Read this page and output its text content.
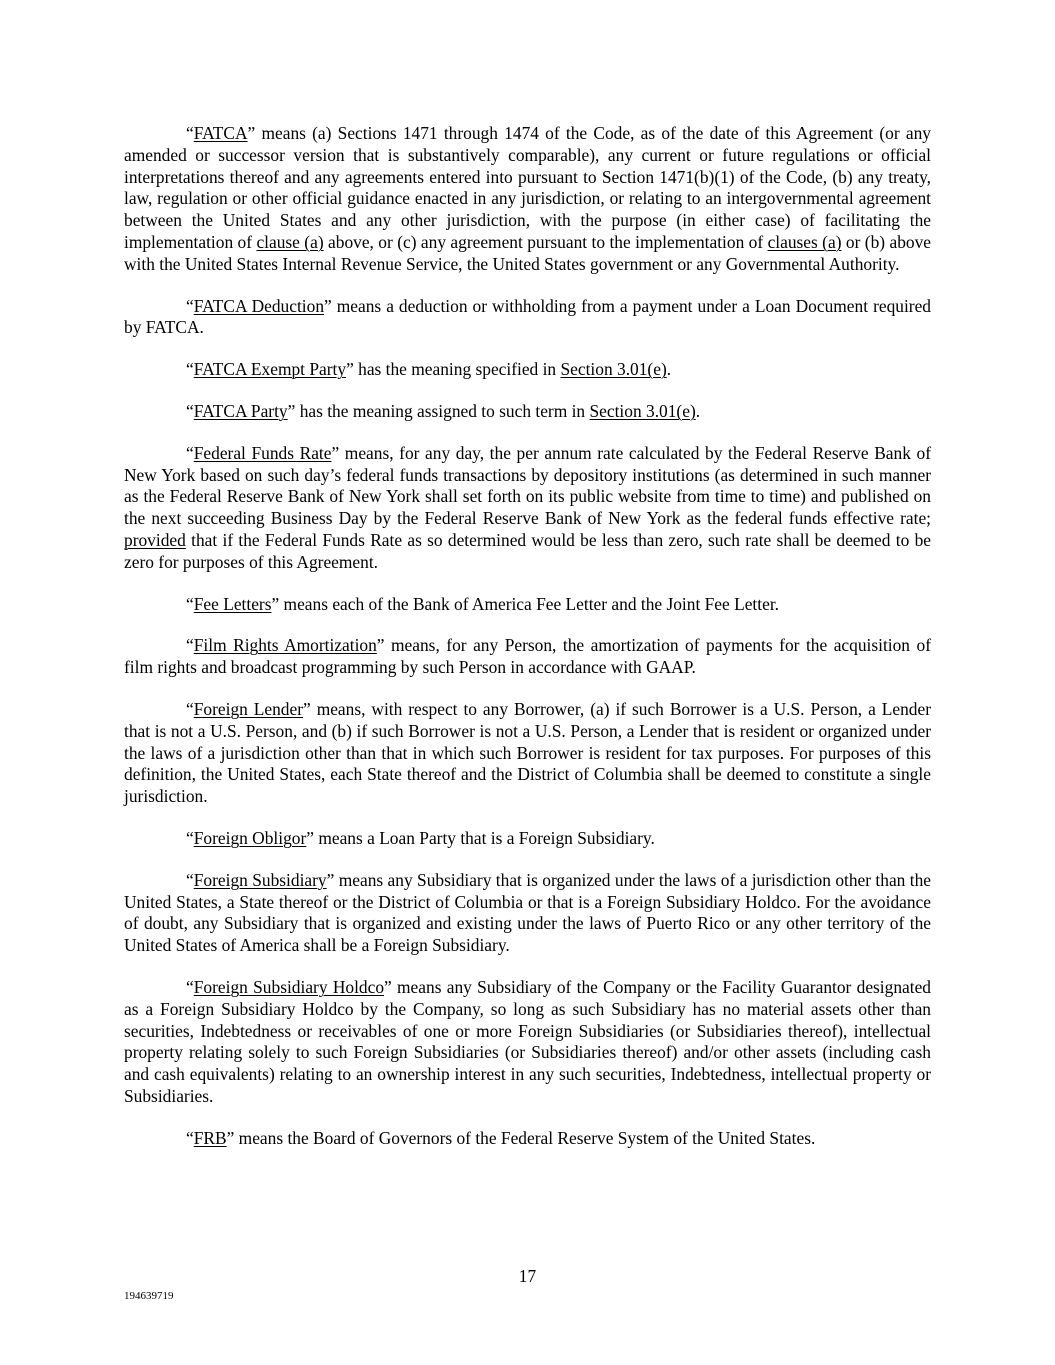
“FATCA” means (a) Sections 1471 through 1474 of the Code, as of the date of this Agreement (or any amended or successor version that is substantively comparable), any current or future regulations or official interpretations thereof and any agreements entered into pursuant to Section 1471(b)(1) of the Code, (b) any treaty, law, regulation or other official guidance enacted in any jurisdiction, or relating to an intergovernmental agreement between the United States and any other jurisdiction, with the purpose (in either case) of facilitating the implementation of clause (a) above, or (c) any agreement pursuant to the implementation of clauses (a) or (b) above with the United States Internal Revenue Service, the United States government or any Governmental Authority.

“FATCA Deduction” means a deduction or withholding from a payment under a Loan Document required by FATCA.

“FATCA Exempt Party” has the meaning specified in Section 3.01(e).

“FATCA Party” has the meaning assigned to such term in Section 3.01(e).

“Federal Funds Rate” means, for any day, the per annum rate calculated by the Federal Reserve Bank of New York based on such day’s federal funds transactions by depository institutions (as determined in such manner as the Federal Reserve Bank of New York shall set forth on its public website from time to time) and published on the next succeeding Business Day by the Federal Reserve Bank of New York as the federal funds effective rate; provided that if the Federal Funds Rate as so determined would be less than zero, such rate shall be deemed to be zero for purposes of this Agreement.

“Fee Letters” means each of the Bank of America Fee Letter and the Joint Fee Letter.

“Film Rights Amortization” means, for any Person, the amortization of payments for the acquisition of film rights and broadcast programming by such Person in accordance with GAAP.

“Foreign Lender” means, with respect to any Borrower, (a) if such Borrower is a U.S. Person, a Lender that is not a U.S. Person, and (b) if such Borrower is not a U.S. Person, a Lender that is resident or organized under the laws of a jurisdiction other than that in which such Borrower is resident for tax purposes. For purposes of this definition, the United States, each State thereof and the District of Columbia shall be deemed to constitute a single jurisdiction.

“Foreign Obligor” means a Loan Party that is a Foreign Subsidiary.

“Foreign Subsidiary” means any Subsidiary that is organized under the laws of a jurisdiction other than the United States, a State thereof or the District of Columbia or that is a Foreign Subsidiary Holdco. For the avoidance of doubt, any Subsidiary that is organized and existing under the laws of Puerto Rico or any other territory of the United States of America shall be a Foreign Subsidiary.

“Foreign Subsidiary Holdco” means any Subsidiary of the Company or the Facility Guarantor designated as a Foreign Subsidiary Holdco by the Company, so long as such Subsidiary has no material assets other than securities, Indebtedness or receivables of one or more Foreign Subsidiaries (or Subsidiaries thereof), intellectual property relating solely to such Foreign Subsidiaries (or Subsidiaries thereof) and/or other assets (including cash and cash equivalents) relating to an ownership interest in any such securities, Indebtedness, intellectual property or Subsidiaries.

“FRB” means the Board of Governors of the Federal Reserve System of the United States.

17
194639719
